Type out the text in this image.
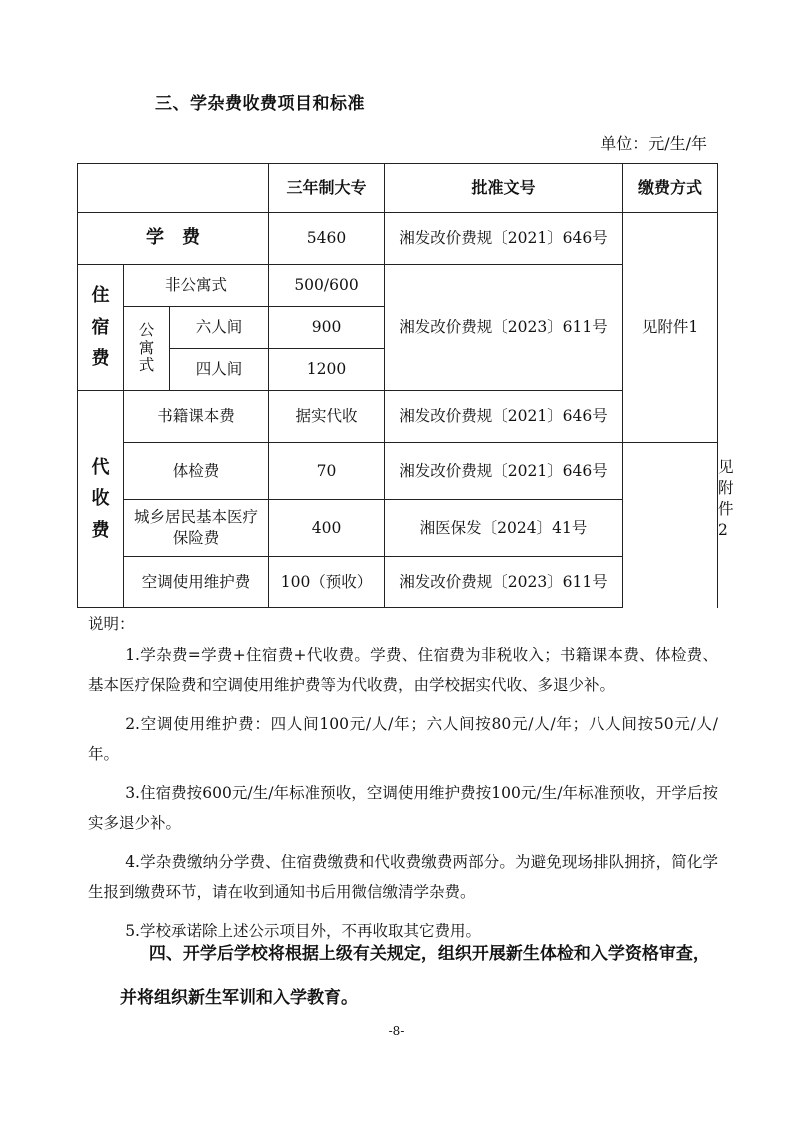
三、学杂费收费项目和标准
单位：元/生/年
			三年制大专	批准文号	缴费方式	
学　费			5460	湘发改价费规〔2021〕646号	见附件1	

住宿费	非公寓式		500/600	湘发改价费规〔2023〕611号		

	公寓式	六人间	900			
		四人间	1200			

代收费	书籍课本费		据实代收	湘发改价费规〔2021〕646号		见附件2
	体检费		70	湘发改价费规〔2021〕646号		
	城乡居民基本医疗保险费		400	湘医保发〔2024〕41号		
	空调使用维护费		100（预收）	湘发改价费规〔2023〕611号		
说明：

1.学杂费=学费+住宿费+代收费。学费、住宿费为非税收入；书籍课本费、体检费、基本医疗保险费和空调使用维护费等为代收费，由学校据实代收、多退少补。

2.空调使用维护费：四人间100元/人/年；六人间按80元/人/年；八人间按50元/人/年。

3.住宿费按600元/生/年标准预收，空调使用维护费按100元/生/年标准预收，开学后按实多退少补。

4.学杂费缴纳分学费、住宿费缴费和代收费缴费两部分。为避免现场排队拥挤，简化学生报到缴费环节，请在收到通知书后用微信缴清学杂费。

5.学校承诺除上述公示项目外，不再收取其它费用。

四、开学后学校将根据上级有关规定，组织开展新生体检和入学资格审查，并将组织新生军训和入学教育。
-8-
